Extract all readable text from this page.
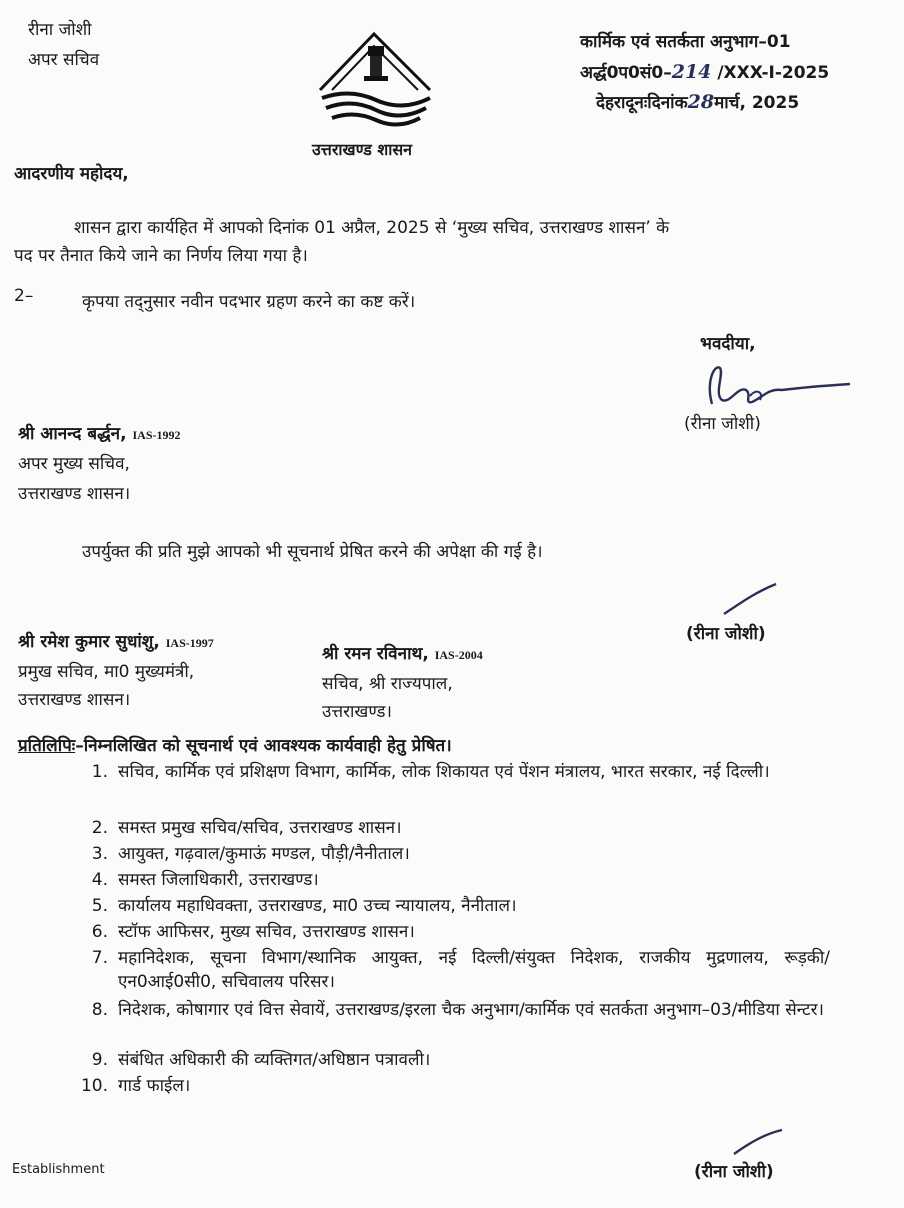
रीना जोशी
अपर सचिव
उत्तराखण्ड शासन
कार्मिक एवं सतर्कता अनुभाग–01
अर्द्ध0प0सं0–214 /XXX-I-2025
देहरादूनःदिनांक28मार्च, 2025
आदरणीय महोदय,
शासन द्वारा कार्यहित में आपको दिनांक 01 अप्रैल, 2025 से ‘मुख्य सचिव, उत्तराखण्ड शासन’ के
पद पर तैनात किये जाने का निर्णय लिया गया है।
2–	कृपया तद्नुसार नवीन पदभार ग्रहण करने का कष्ट करें।
भवदीया,
(रीना जोशी)
श्री आनन्द बर्द्धन, IAS-1992
अपर मुख्य सचिव,
उत्तराखण्ड शासन।
उपर्युक्त की प्रति मुझे आपको भी सूचनार्थ प्रेषित करने की अपेक्षा की गई है।
(रीना जोशी)
श्री रमेश कुमार सुधांशु, IAS-1997
प्रमुख सचिव, मा0 मुख्यमंत्री,
उत्तराखण्ड शासन।
श्री रमन रविनाथ, IAS-2004
सचिव, श्री राज्यपाल,
उत्तराखण्ड।
प्रतिलिपिः–निम्नलिखित को सूचनार्थ एवं आवश्यक कार्यवाही हेतु प्रेषित।
1. सचिव, कार्मिक एवं प्रशिक्षण विभाग, कार्मिक, लोक शिकायत एवं पेंशन मंत्रालय, भारत सरकार, नई दिल्ली।
2. समस्त प्रमुख सचिव/सचिव, उत्तराखण्ड शासन।
3. आयुक्त, गढ़वाल/कुमाऊं मण्डल, पौड़ी/नैनीताल।
4. समस्त जिलाधिकारी, उत्तराखण्ड।
5. कार्यालय महाधिवक्ता, उत्तराखण्ड, मा0 उच्च न्यायालय, नैनीताल।
6. स्टॉफ आफिसर, मुख्य सचिव, उत्तराखण्ड शासन।
7. महानिदेशक, सूचना विभाग/स्थानिक आयुक्त, नई दिल्ली/संयुक्त निदेशक, राजकीय मुद्रणालय, रूड़की/एन0आई0सी0, सचिवालय परिसर।
8. निदेशक, कोषागार एवं वित्त सेवायें, उत्तराखण्ड/इरला चैक अनुभाग/कार्मिक एवं सतर्कता अनुभाग–03/मीडिया सेन्टर।
9. संबंधित अधिकारी की व्यक्तिगत/अधिष्ठान पत्रावली।
10. गार्ड फाईल।
(रीना जोशी)
Establishment
